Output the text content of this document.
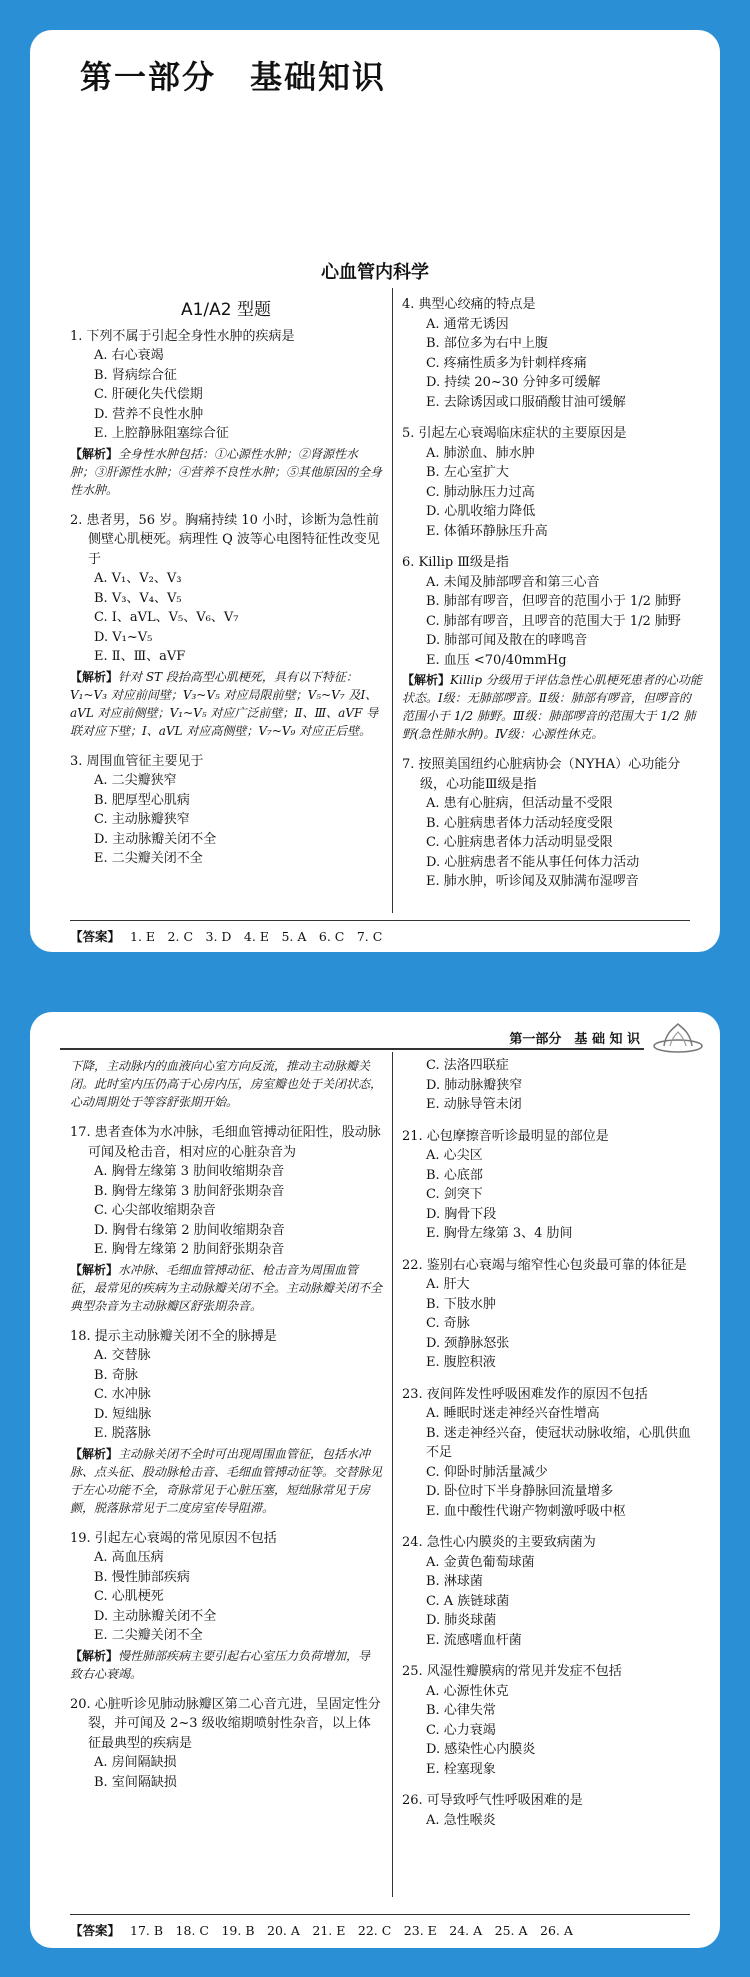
第一部分　基础知识
心血管内科学
A1/A2 型题
1. 下列不属于引起全身性水肿的疾病是
A. 右心衰竭
B. 肾病综合征
C. 肝硬化失代偿期
D. 营养不良性水肿
E. 上腔静脉阻塞综合征
【解析】全身性水肿包括：①心源性水肿；②肾源性水肿；③肝源性水肿；④营养不良性水肿；⑤其他原因的全身性水肿。
2. 患者男，56 岁。胸痛持续 10 小时，诊断为急性前侧壁心肌梗死。病理性 Q 波等心电图特征性改变见于
A. V₁、V₂、V₃
B. V₃、V₄、V₅
C. Ⅰ、aVL、V₅、V₆、V₇
D. V₁~V₅
E. Ⅱ、Ⅲ、aVF
【解析】针对 ST 段抬高型心肌梗死，具有以下特征：V₁~V₃ 对应前间壁；V₃~V₅ 对应局限前壁；V₅~V₇ 及Ⅰ、aVL 对应前侧壁；V₁~V₅ 对应广泛前壁；Ⅱ、Ⅲ、aVF 导联对应下壁；Ⅰ、aVL 对应高侧壁；V₇~V₉ 对应正后壁。
3. 周围血管征主要见于
A. 二尖瓣狭窄
B. 肥厚型心肌病
C. 主动脉瓣狭窄
D. 主动脉瓣关闭不全
E. 二尖瓣关闭不全
4. 典型心绞痛的特点是
A. 通常无诱因
B. 部位多为右中上腹
C. 疼痛性质多为针刺样疼痛
D. 持续 20~30 分钟多可缓解
E. 去除诱因或口服硝酸甘油可缓解
5. 引起左心衰竭临床症状的主要原因是
A. 肺淤血、肺水肿
B. 左心室扩大
C. 肺动脉压力过高
D. 心肌收缩力降低
E. 体循环静脉压升高
6. Killip Ⅲ级是指
A. 未闻及肺部啰音和第三心音
B. 肺部有啰音，但啰音的范围小于 1/2 肺野
C. 肺部有啰音，且啰音的范围大于 1/2 肺野
D. 肺部可闻及散在的哮鸣音
E. 血压 <70/40mmHg
【解析】Killip 分级用于评估急性心肌梗死患者的心功能状态。Ⅰ级：无肺部啰音。Ⅱ级：肺部有啰音，但啰音的范围小于 1/2 肺野。Ⅲ级：肺部啰音的范围大于 1/2 肺野(急性肺水肿)。Ⅳ级：心源性休克。
7. 按照美国纽约心脏病协会（NYHA）心功能分级，心功能Ⅲ级是指
A. 患有心脏病，但活动量不受限
B. 心脏病患者体力活动轻度受限
C. 心脏病患者体力活动明显受限
D. 心脏病患者不能从事任何体力活动
E. 肺水肿，听诊闻及双肺满布湿啰音
【答案】 1. E　2. C　3. D　4. E　5. A　6. C　7. C
第一部分　基 础 知 识
下降，主动脉内的血液向心室方向反流，推动主动脉瓣关闭。此时室内压仍高于心房内压，房室瓣也处于关闭状态，心动周期处于等容舒张期开始。
17. 患者查体为水冲脉，毛细血管搏动征阳性，股动脉可闻及枪击音，相对应的心脏杂音为
A. 胸骨左缘第 3 肋间收缩期杂音
B. 胸骨左缘第 3 肋间舒张期杂音
C. 心尖部收缩期杂音
D. 胸骨右缘第 2 肋间收缩期杂音
E. 胸骨左缘第 2 肋间舒张期杂音
【解析】水冲脉、毛细血管搏动征、枪击音为周围血管征，最常见的疾病为主动脉瓣关闭不全。主动脉瓣关闭不全典型杂音为主动脉瓣区舒张期杂音。
18. 提示主动脉瓣关闭不全的脉搏是
A. 交替脉
B. 奇脉
C. 水冲脉
D. 短绌脉
E. 脱落脉
【解析】主动脉关闭不全时可出现周围血管征，包括水冲脉、点头征、股动脉枪击音、毛细血管搏动征等。交替脉见于左心功能不全，奇脉常见于心脏压塞，短绌脉常见于房颤，脱落脉常见于二度房室传导阻滞。
19. 引起左心衰竭的常见原因不包括
A. 高血压病
B. 慢性肺部疾病
C. 心肌梗死
D. 主动脉瓣关闭不全
E. 二尖瓣关闭不全
【解析】慢性肺部疾病主要引起右心室压力负荷增加，导致右心衰竭。
20. 心脏听诊见肺动脉瓣区第二心音亢进，呈固定性分裂，并可闻及 2~3 级收缩期喷射性杂音，以上体征最典型的疾病是
A. 房间隔缺损
B. 室间隔缺损
C. 法洛四联症
D. 肺动脉瓣狭窄
E. 动脉导管未闭
21. 心包摩擦音听诊最明显的部位是
A. 心尖区
B. 心底部
C. 剑突下
D. 胸骨下段
E. 胸骨左缘第 3、4 肋间
22. 鉴别右心衰竭与缩窄性心包炎最可靠的体征是
A. 肝大
B. 下肢水肿
C. 奇脉
D. 颈静脉怒张
E. 腹腔积液
23. 夜间阵发性呼吸困难发作的原因不包括
A. 睡眠时迷走神经兴奋性增高
B. 迷走神经兴奋，使冠状动脉收缩，心肌供血不足
C. 仰卧时肺活量减少
D. 卧位时下半身静脉回流量增多
E. 血中酸性代谢产物刺激呼吸中枢
24. 急性心内膜炎的主要致病菌为
A. 金黄色葡萄球菌
B. 淋球菌
C. A 族链球菌
D. 肺炎球菌
E. 流感嗜血杆菌
25. 风湿性瓣膜病的常见并发症不包括
A. 心源性休克
B. 心律失常
C. 心力衰竭
D. 感染性心内膜炎
E. 栓塞现象
26. 可导致呼气性呼吸困难的是
A. 急性喉炎
【答案】 17. B　18. C　19. B　20. A　21. E　22. C　23. E　24. A　25. A　26. A
